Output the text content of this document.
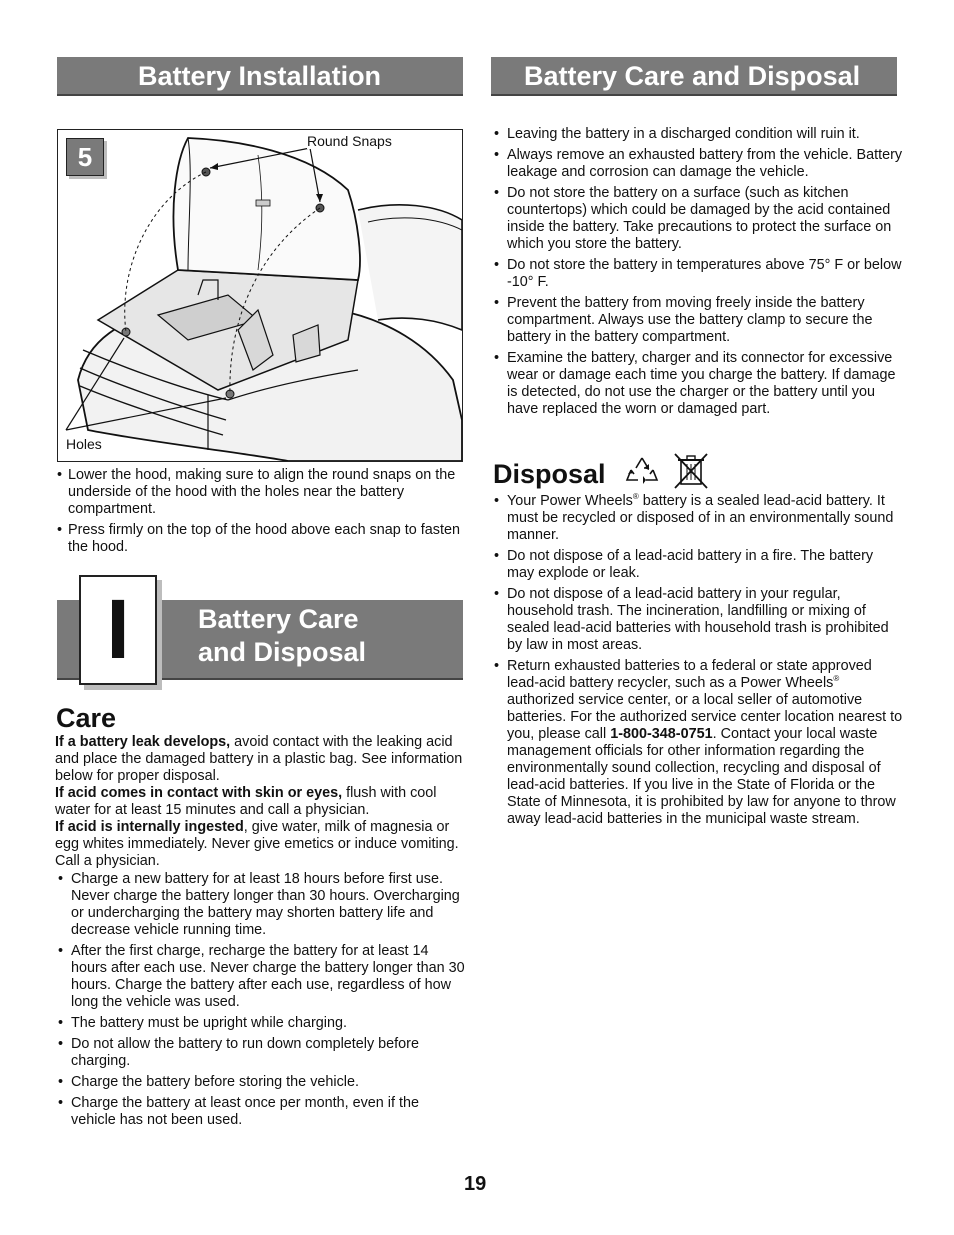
Battery Installation	Battery Care and Disposal
5
Round Snaps
Holes
• Lower the hood, making sure to align the round snaps on the underside of the hood with the holes near the battery compartment.
• Press firmly on the top of the hood above each snap to fasten the hood.
I	Battery Care
and Disposal
Care

If a battery leak develops, avoid contact with the leaking acid and place the damaged battery in a plastic bag. See information below for proper disposal.

If acid comes in contact with skin or eyes, flush with cool water for at least 15 minutes and call a physician.

If acid is internally ingested, give water, milk of magnesia or egg whites immediately. Never give emetics or induce vomiting. Call a physician.

• Charge a new battery for at least 18 hours before first use. Never charge the battery longer than 30 hours. Overcharging or undercharging the battery may shorten battery life and decrease vehicle running time.
• After the first charge, recharge the battery for at least 14 hours after each use. Never charge the battery longer than 30 hours. Charge the battery after each use, regardless of how long the vehicle was used.
• The battery must be upright while charging.
• Do not allow the battery to run down completely before charging.
• Charge the battery before storing the vehicle.
• Charge the battery at least once per month, even if the vehicle has not been used.
• Leaving the battery in a discharged condition will ruin it.
• Always remove an exhausted battery from the vehicle. Battery leakage and corrosion can damage the vehicle.
• Do not store the battery on a surface (such as kitchen countertops) which could be damaged by the acid contained inside the battery. Take precautions to protect the surface on which you store the battery.
• Do not store the battery in temperatures above 75° F or below -10° F.
• Prevent the battery from moving freely inside the battery compartment. Always use the battery clamp to secure the battery in the battery compartment.
• Examine the battery, charger and its connector for excessive wear or damage each time you charge the battery. If damage is detected, do not use the charger or the battery until you have replaced the worn or damaged part.
Disposal
• Your Power Wheels® battery is a sealed lead-acid battery. It must be recycled or disposed of in an environmentally sound manner.
• Do not dispose of a lead-acid battery in a fire. The battery may explode or leak.
• Do not dispose of a lead-acid battery in your regular, household trash. The incineration, landfilling or mixing of sealed lead-acid batteries with household trash is prohibited by law in most areas.
• Return exhausted batteries to a federal or state approved lead-acid battery recycler, such as a Power Wheels® authorized service center, or a local seller of automotive batteries. For the authorized service center location nearest to you, please call 1-800-348-0751. Contact your local waste management officials for other information regarding the environmentally sound collection, recycling and disposal of lead-acid batteries. If you live in the State of Florida or the State of Minnesota, it is prohibited by law for anyone to throw away lead-acid batteries in the municipal waste stream.
19
